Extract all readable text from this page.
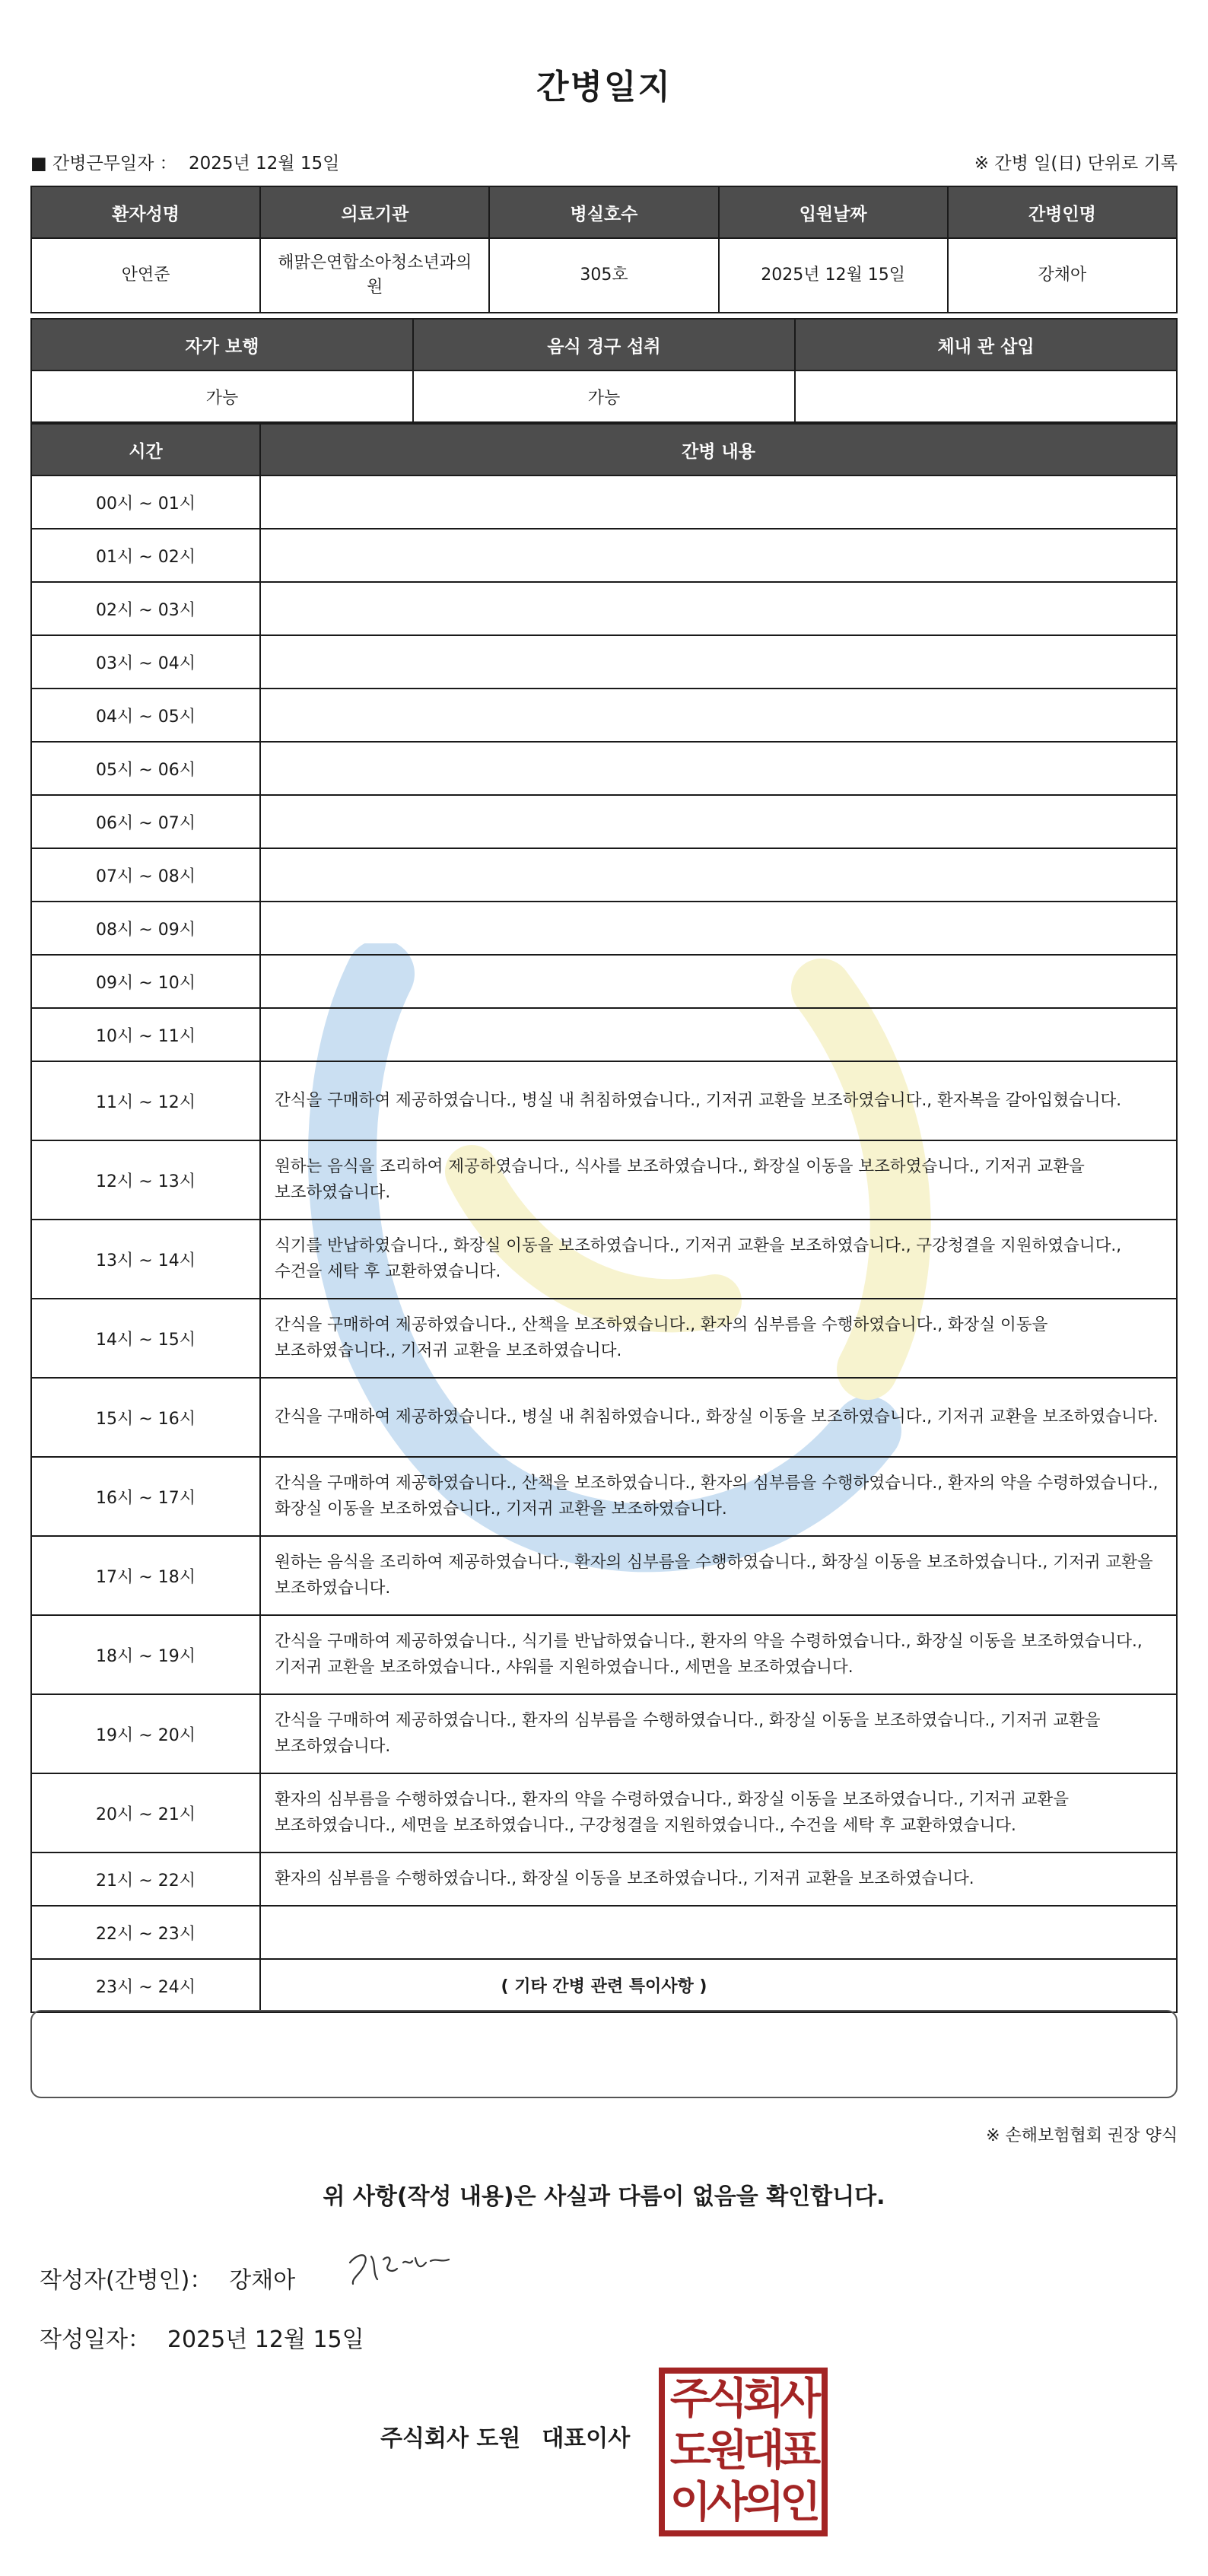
간병일지
■ 간병근무일자 ： 2025년 12월 15일	※ 간병 일(日) 단위로 기록
환자성명	의료기관	병실호수	입원날짜	간병인명
안연준	해맑은연합소아청소년과의원	305호	2025년 12월 15일	강채아
자가 보행	음식 경구 섭취	체내 관 삽입
가능	가능	
시간	간병 내용
00시 ~ 01시	
01시 ~ 02시	
02시 ~ 03시	
03시 ~ 04시	
04시 ~ 05시	
05시 ~ 06시	
06시 ~ 07시	
07시 ~ 08시	
08시 ~ 09시	
09시 ~ 10시	
10시 ~ 11시	
11시 ~ 12시	간식을 구매하여 제공하였습니다., 병실 내 취침하였습니다., 기저귀 교환을 보조하였습니다., 환자복을 갈아입혔습니다.
12시 ~ 13시	원하는 음식을 조리하여 제공하였습니다., 식사를 보조하였습니다., 화장실 이동을 보조하였습니다., 기저귀 교환을 보조하였습니다.
13시 ~ 14시	식기를 반납하였습니다., 화장실 이동을 보조하였습니다., 기저귀 교환을 보조하였습니다., 구강청결을 지원하였습니다., 수건을 세탁 후 교환하였습니다.
14시 ~ 15시	간식을 구매하여 제공하였습니다., 산책을 보조하였습니다., 환자의 심부름을 수행하였습니다., 화장실 이동을 보조하였습니다., 기저귀 교환을 보조하였습니다.
15시 ~ 16시	간식을 구매하여 제공하였습니다., 병실 내 취침하였습니다., 화장실 이동을 보조하였습니다., 기저귀 교환을 보조하였습니다.
16시 ~ 17시	간식을 구매하여 제공하였습니다., 산책을 보조하였습니다., 환자의 심부름을 수행하였습니다., 환자의 약을 수령하였습니다., 화장실 이동을 보조하였습니다., 기저귀 교환을 보조하였습니다.
17시 ~ 18시	원하는 음식을 조리하여 제공하였습니다., 환자의 심부름을 수행하였습니다., 화장실 이동을 보조하였습니다., 기저귀 교환을 보조하였습니다.
18시 ~ 19시	간식을 구매하여 제공하였습니다., 식기를 반납하였습니다., 환자의 약을 수령하였습니다., 화장실 이동을 보조하였습니다., 기저귀 교환을 보조하였습니다., 샤워를 지원하였습니다., 세면을 보조하였습니다.
19시 ~ 20시	간식을 구매하여 제공하였습니다., 환자의 심부름을 수행하였습니다., 화장실 이동을 보조하였습니다., 기저귀 교환을 보조하였습니다.
20시 ~ 21시	환자의 심부름을 수행하였습니다., 환자의 약을 수령하였습니다., 화장실 이동을 보조하였습니다., 기저귀 교환을 보조하였습니다., 세면을 보조하였습니다., 구강청결을 지원하였습니다., 수건을 세탁 후 교환하였습니다.
21시 ~ 22시	환자의 심부름을 수행하였습니다., 화장실 이동을 보조하였습니다., 기저귀 교환을 보조하였습니다.
22시 ~ 23시	
23시 ~ 24시		( 기타 간병 관련 특이사항 )
※ 손해보험협회 권장 양식
위 사항(작성 내용)은 사실과 다름이 없음을 확인합니다.
작성자(간병인)： 강채아
작성일자： 2025년 12월 15일
주식회사 도원 대표이사
주식회사
도원대표
이사의인
